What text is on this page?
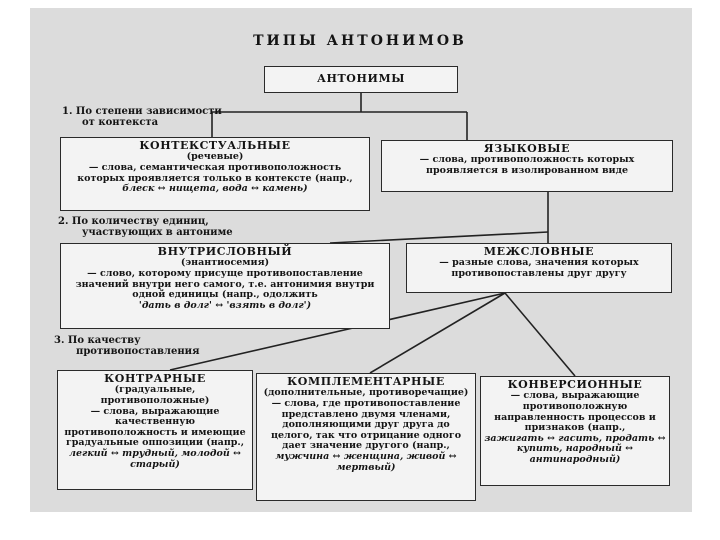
ТИПЫ АНТОНИМОВ
АНТОНИМЫ
1. По степени зависимости
от контекста
КОНТЕКСТУАЛЬНЫЕ
(речевые)
— слова, семантическая противоположность которых проявляется только в контексте (напр.,
блеск ↔ нищета, вода ↔ камень)
ЯЗЫКОВЫЕ
— слова, противоположность которых проявляется в изолированном виде
2. По количеству единиц,
участвующих в антониме
ВНУТРИСЛОВНЫЙ
(энантиосемия)
— слово, которому присуще противопоставление значений внутри него самого, т.е. антонимия внутри одной единицы (напр., одолжить
'дать в долг' ↔ 'взять в долг')
МЕЖСЛОВНЫЕ
— разные слова, значения которых противопоставлены друг другу
3. По качеству
противопоставления
КОНТРАРНЫЕ
(градуальные, противоположные)
— слова, выражающие качественную противоположность и имеющие градуальные оппозиции (напр.,
легкий ↔ трудный, молодой ↔ старый)
КОМПЛЕМЕНТАРНЫЕ
(дополнительные, противоречащие)
— слова, где противопоставление представлено двумя членами, дополняющими друг друга до целого, так что отрицание одного дает значение другого (напр.,
мужчина ↔ женщина, живой ↔ мертвый)
КОНВЕРСИОННЫЕ
— слова, выражающие противоположную направленность процессов и признаков (напр.,
зажигать ↔ гасить, продать ↔ купить, народный ↔ антинародный)
